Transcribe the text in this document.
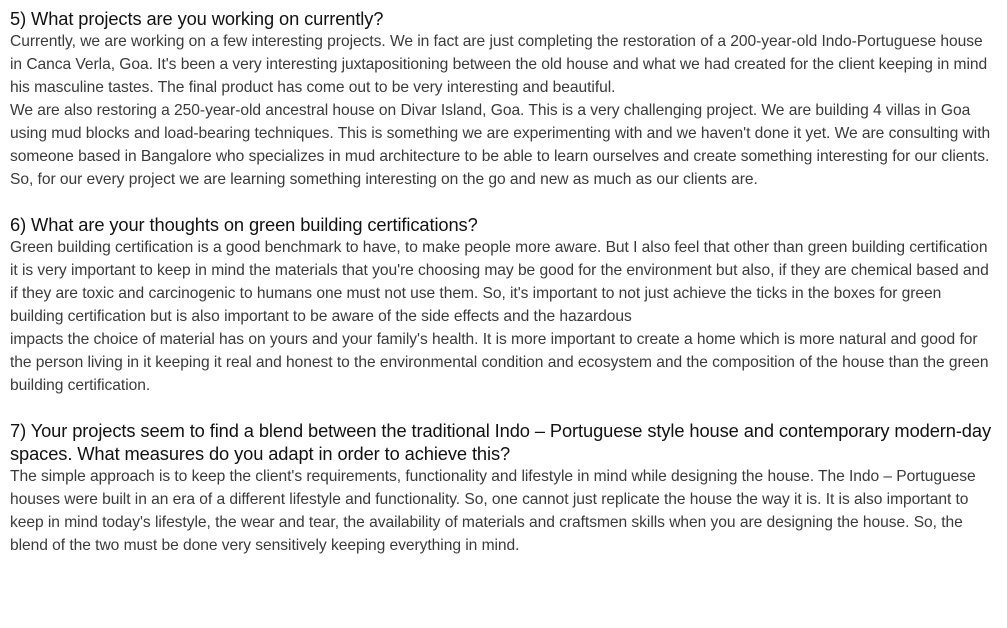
5) What projects are you working on currently?

Currently, we are working on a few interesting projects. We in fact are just completing the restoration of a 200-year-old Indo-Portuguese house in Canca Verla, Goa. It's been a very interesting juxtapositioning between the old house and what we had created for the client keeping in mind his masculine tastes. The final product has come out to be very interesting and beautiful.
We are also restoring a 250-year-old ancestral house on Divar Island, Goa. This is a very challenging project. We are building 4 villas in Goa using mud blocks and load-bearing techniques. This is something we are experimenting with and we haven't done it yet. We are consulting with someone based in Bangalore who specializes in mud architecture to be able to learn ourselves and create something interesting for our clients. So, for our every project we are learning something interesting on the go and new as much as our clients are.

6) What are your thoughts on green building certifications?

Green building certification is a good benchmark to have, to make people more aware. But I also feel that other than green building certification it is very important to keep in mind the materials that you're choosing may be good for the environment but also, if they are chemical based and if they are toxic and carcinogenic to humans one must not use them. So, it's important to not just achieve the ticks in the boxes for green building certification but is also important to be aware of the side effects and the hazardous
impacts the choice of material has on yours and your family's health. It is more important to create a home which is more natural and good for the person living in it keeping it real and honest to the environmental condition and ecosystem and the composition of the house than the green building certification.

7) Your projects seem to find a blend between the traditional Indo – Portuguese style house and contemporary modern-day spaces. What measures do you adapt in order to achieve this?

The simple approach is to keep the client's requirements, functionality and lifestyle in mind while designing the house. The Indo – Portuguese houses were built in an era of a different lifestyle and functionality. So, one cannot just replicate the house the way it is. It is also important to keep in mind today's lifestyle, the wear and tear, the availability of materials and craftsmen skills when you are designing the house. So, the blend of the two must be done very sensitively keeping everything in mind.
